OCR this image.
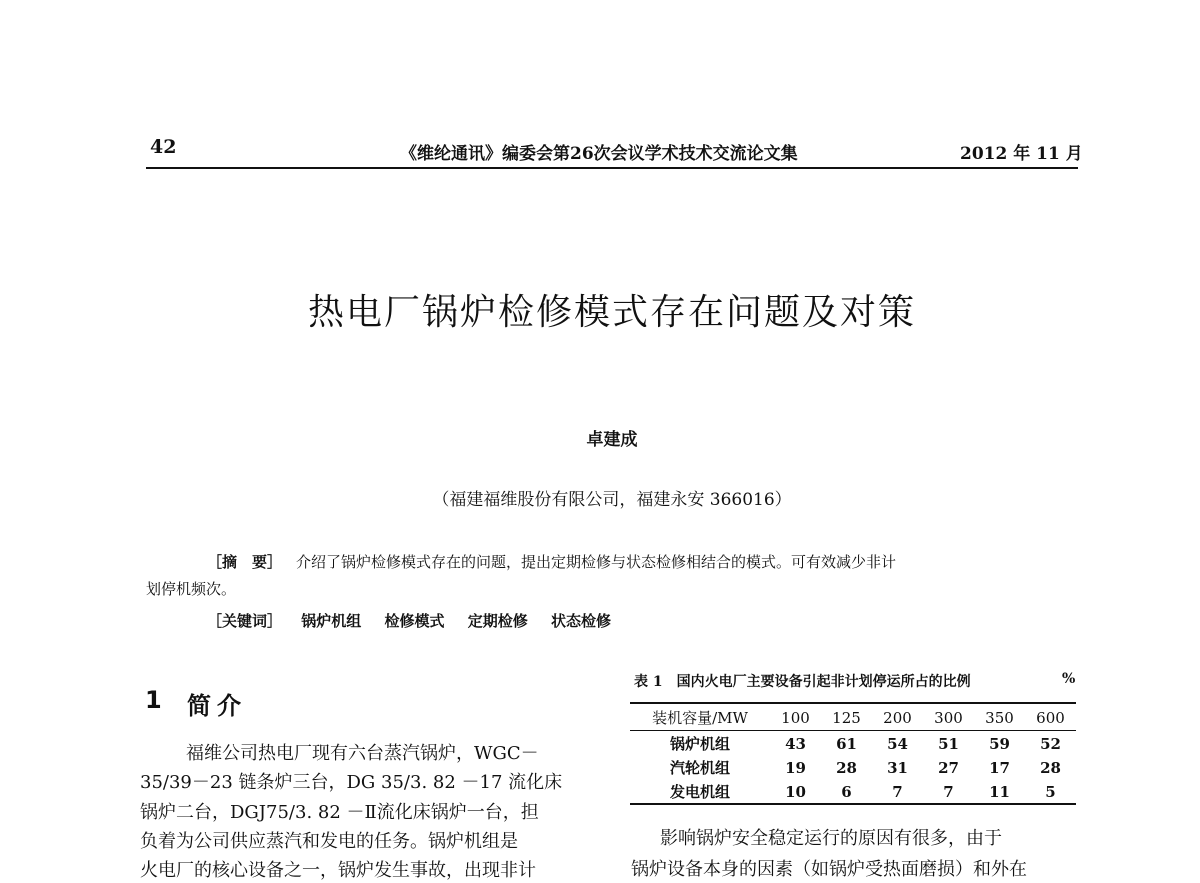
42	《维纶通讯》编委会第26次会议学术技术交流论文集	2012 年 11 月
热电厂锅炉检修模式存在问题及对策
卓建成
（福建福维股份有限公司，福建永安 366016）
［摘　要］ 介绍了锅炉检修模式存在的问题，提出定期检修与状态检修相结合的模式。可有效减少非计
划停机频次。
［关键词］ 锅炉机组 检修模式 定期检修 状态检修
1 简介
福维公司热电厂现有六台蒸汽锅炉，WGC－
35/39－23 链条炉三台，DG 35/3. 82 －17 流化床
锅炉二台，DGJ75/3. 82 －Ⅱ流化床锅炉一台，担
负着为公司供应蒸汽和发电的任务。锅炉机组是
火电厂的核心设备之一，锅炉发生事故，出现非计
表 1　国内火电厂主要设备引起非计划停运所占的比例	%
装机容量/MW	100	125	200	300	350	600
锅炉机组	43	61	54	51	59	52
汽轮机组	19	28	31	27	17	28
发电机组	10	6	7	7	11	5
影响锅炉安全稳定运行的原因有很多，由于
锅炉设备本身的因素（如锅炉受热面磨损）和外在
